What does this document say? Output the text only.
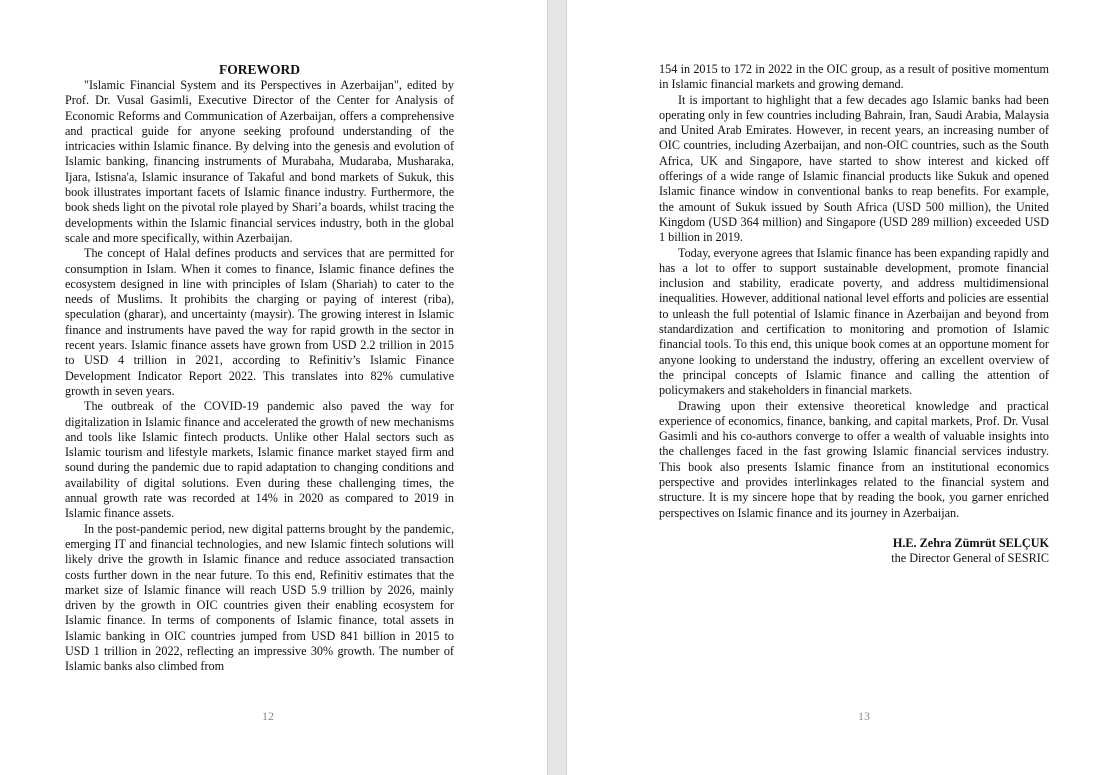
FOREWORD

"Islamic Financial System and its Perspectives in Azerbaijan", edited by Prof. Dr. Vusal Gasimli, Executive Director of the Center for Analysis of Economic Reforms and Communication of Azerbaijan, offers a comprehensive and practical guide for anyone seeking profound understanding of the intricacies within Islamic finance. By delving into the genesis and evolution of Islamic banking, financing instruments of Murabaha, Mudaraba, Musharaka, Ijara, Istisna'a, Islamic insurance of Takaful and bond markets of Sukuk, this book illustrates important facets of Islamic finance industry. Furthermore, the book sheds light on the pivotal role played by Shari’a boards, whilst tracing the developments within the Islamic financial services industry, both in the global scale and more specifically, within Azerbaijan.

The concept of Halal defines products and services that are permitted for consumption in Islam. When it comes to finance, Islamic finance defines the ecosystem designed in line with principles of Islam (Shariah) to cater to the needs of Muslims. It prohibits the charging or paying of interest (riba), speculation (gharar), and uncertainty (maysir). The growing interest in Islamic finance and instruments have paved the way for rapid growth in the sector in recent years. Islamic finance assets have grown from USD 2.2 trillion in 2015 to USD 4 trillion in 2021, according to Refinitiv’s Islamic Finance Development Indicator Report 2022. This translates into 82% cumulative growth in seven years.

The outbreak of the COVID-19 pandemic also paved the way for digitalization in Islamic finance and accelerated the growth of new mechanisms and tools like Islamic fintech products. Unlike other Halal sectors such as Islamic tourism and lifestyle markets, Islamic finance market stayed firm and sound during the pandemic due to rapid adaptation to changing conditions and availability of digital solutions. Even during these challenging times, the annual growth rate was recorded at 14% in 2020 as compared to 2019 in Islamic finance assets.

In the post-pandemic period, new digital patterns brought by the pandemic, emerging IT and financial technologies, and new Islamic fintech solutions will likely drive the growth in Islamic finance and reduce associated transaction costs further down in the near future. To this end, Refinitiv estimates that the market size of Islamic finance will reach USD 5.9 trillion by 2026, mainly driven by the growth in OIC countries given their enabling ecosystem for Islamic finance. In terms of components of Islamic finance, total assets in Islamic banking in OIC countries jumped from USD 841 billion in 2015 to USD 1 trillion in 2022, reflecting an impressive 30% growth. The number of Islamic banks also climbed from

12

154 in 2015 to 172 in 2022 in the OIC group, as a result of positive momentum in Islamic financial markets and growing demand.

It is important to highlight that a few decades ago Islamic banks had been operating only in few countries including Bahrain, Iran, Saudi Arabia, Malaysia and United Arab Emirates. However, in recent years, an increasing number of OIC countries, including Azerbaijan, and non-OIC countries, such as the South Africa, UK and Singapore, have started to show interest and kicked off offerings of a wide range of Islamic financial products like Sukuk and opened Islamic finance window in conventional banks to reap benefits. For example, the amount of Sukuk issued by South Africa (USD 500 million), the United Kingdom (USD 364 million) and Singapore (USD 289 million) exceeded USD 1 billion in 2019.

Today, everyone agrees that Islamic finance has been expanding rapidly and has a lot to offer to support sustainable development, promote financial inclusion and stability, eradicate poverty, and address multidimensional inequalities. However, additional national level efforts and policies are essential to unleash the full potential of Islamic finance in Azerbaijan and beyond from standardization and certification to monitoring and promotion of Islamic financial tools. To this end, this unique book comes at an opportune moment for anyone looking to understand the industry, offering an excellent overview of the principal concepts of Islamic finance and calling the attention of policymakers and stakeholders in financial markets.

Drawing upon their extensive theoretical knowledge and practical experience of economics, finance, banking, and capital markets, Prof. Dr. Vusal Gasimli and his co-authors converge to offer a wealth of valuable insights into the challenges faced in the fast growing Islamic financial services industry. This book also presents Islamic finance from an institutional economics perspective and provides interlinkages related to the financial system and structure. It is my sincere hope that by reading the book, you garner enriched perspectives on Islamic finance and its journey in Azerbaijan.

H.E. Zehra Zümrüt SELÇUK
the Director General of SESRIC
13
